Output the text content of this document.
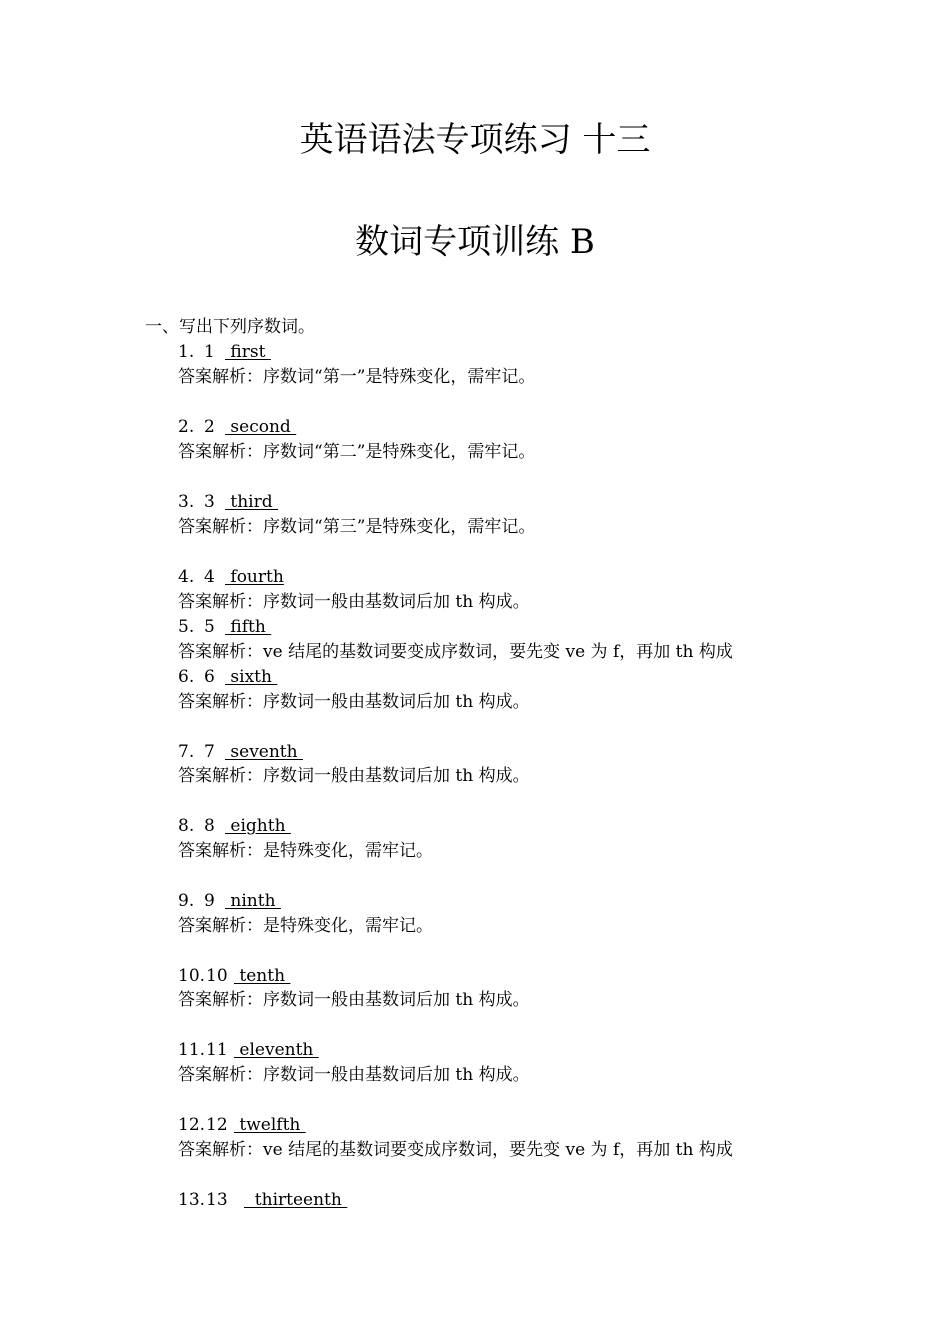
英语语法专项练习 十三
数词专项训练 B
一、写出下列序数词。
1. 1 first
答案解析：序数词“第一”是特殊变化，需牢记。
2. 2 second
答案解析：序数词“第二”是特殊变化，需牢记。
3. 3 third
答案解析：序数词“第三”是特殊变化，需牢记。
4. 4 fourth
答案解析：序数词一般由基数词后加 th 构成。
5. 5 fifth
答案解析：ve 结尾的基数词要变成序数词，要先变 ve 为 f，再加 th 构成
6. 6 sixth
答案解析：序数词一般由基数词后加 th 构成。
7. 7 seventh
答案解析：序数词一般由基数词后加 th 构成。
8. 8 eighth
答案解析：是特殊变化，需牢记。
9. 9 ninth
答案解析：是特殊变化，需牢记。
10.10 tenth
答案解析：序数词一般由基数词后加 th 构成。
11.11 eleventh
答案解析：序数词一般由基数词后加 th 构成。
12.12 twelfth
答案解析：ve 结尾的基数词要变成序数词，要先变 ve 为 f，再加 th 构成
13.13  thirteenth
